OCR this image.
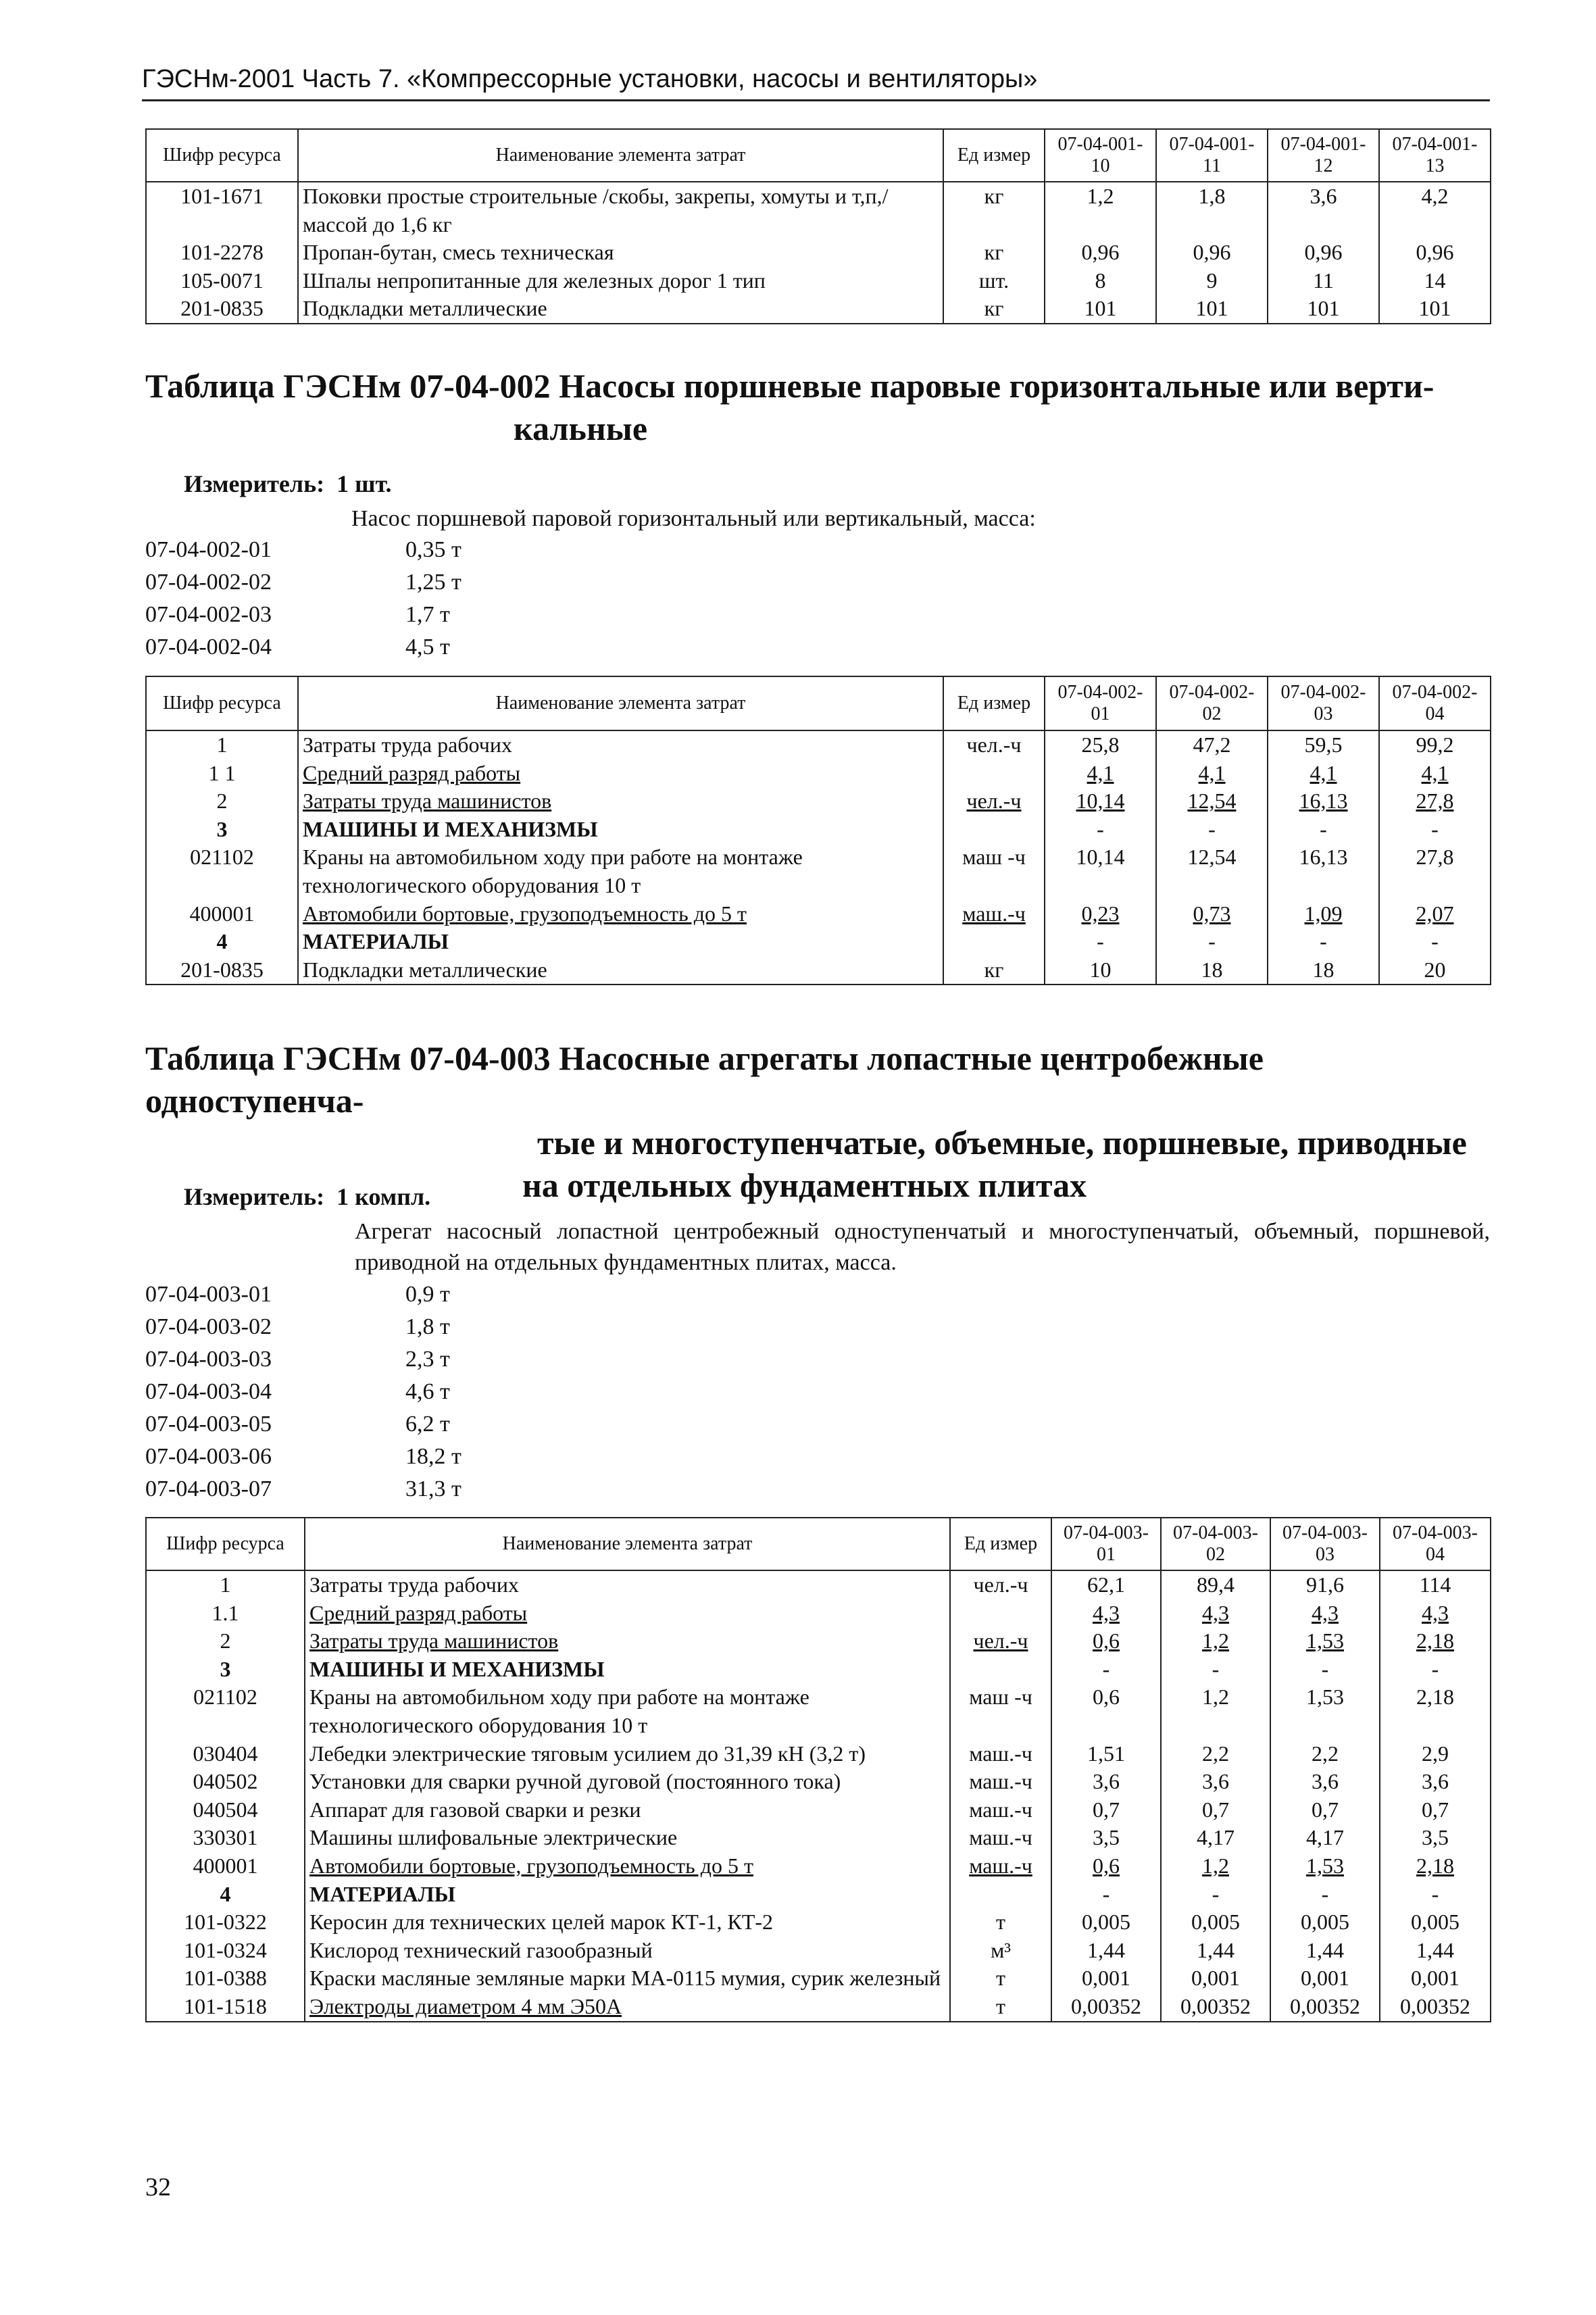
ГЭСНм-2001 Часть 7. «Компрессорные установки, насосы и вентиляторы»
Шифр ресурса	Наименование элемента затрат	Ед измер	07-04-001-10	07-04-001-11	07-04-001-12	07-04-001-13
101-1671	Поковки простые строительные /скобы, закрепы, хомуты и т,п,/ массой до 1,6 кг	кг	1,2	1,8	3,6	4,2
101-2278	Пропан-бутан, смесь техническая	кг	0,96	0,96	0,96	0,96
105-0071	Шпалы непропитанные для железных дорог 1 тип	шт.	8	9	11	14
201-0835	Подкладки металлические	кг	101	101	101	101
Таблица ГЭСНм 07-04-002 Насосы поршневые паровые горизонтальные или верти-
кальные
Измеритель: 1 шт.
Насос поршневой паровой горизонтальный или вертикальный, масса:
07-04-002-01	0,35 т
07-04-002-02	1,25 т
07-04-002-03	1,7 т
07-04-002-04	4,5 т
Шифр ресурса	Наименование элемента затрат	Ед измер	07-04-002-01	07-04-002-02	07-04-002-03	07-04-002-04
1	Затраты труда рабочих	чел.-ч	25,8	47,2	59,5	99,2
1 1	Средний разряд работы		4,1	4,1	4,1	4,1
2	Затраты труда машинистов	чел.-ч	10,14	12,54	16,13	27,8
3	МАШИНЫ И МЕХАНИЗМЫ		-	-	-	-
021102	Краны на автомобильном ходу при работе на монтаже технологического оборудования 10 т	маш -ч	10,14	12,54	16,13	27,8
400001	Автомобили бортовые, грузоподъемность до 5 т	маш.-ч	0,23	0,73	1,09	2,07
4	МАТЕРИАЛЫ		-	-	-	-
201-0835	Подкладки металлические	кг	10	18	18	20
Таблица ГЭСНм 07-04-003 Насосные агрегаты лопастные центробежные одноступенча-
тые и многоступенчатые, объемные, поршневые, приводные
на отдельных фундаментных плитах
Измеритель: 1 компл.
Агрегат насосный лопастной центробежный одноступенчатый и многоступенчатый, объемный, поршневой, приводной на отдельных фундаментных плитах, масса.
07-04-003-01	0,9 т
07-04-003-02	1,8 т
07-04-003-03	2,3 т
07-04-003-04	4,6 т
07-04-003-05	6,2 т
07-04-003-06	18,2 т
07-04-003-07	31,3 т
Шифр ресурса	Наименование элемента затрат	Ед измер	07-04-003-01	07-04-003-02	07-04-003-03	07-04-003-04
1	Затраты труда рабочих	чел.-ч	62,1	89,4	91,6	114
1.1	Средний разряд работы		4,3	4,3	4,3	4,3
2	Затраты труда машинистов	чел.-ч	0,6	1,2	1,53	2,18
3	МАШИНЫ И МЕХАНИЗМЫ		-	-	-	-
021102	Краны на автомобильном ходу при работе на монтаже технологического оборудования 10 т	маш -ч	0,6	1,2	1,53	2,18
030404	Лебедки электрические тяговым усилием до 31,39 кН (3,2 т)	маш.-ч	1,51	2,2	2,2	2,9
040502	Установки для сварки ручной дуговой (постоянного тока)	маш.-ч	3,6	3,6	3,6	3,6
040504	Аппарат для газовой сварки и резки	маш.-ч	0,7	0,7	0,7	0,7
330301	Машины шлифовальные электрические	маш.-ч	3,5	4,17	4,17	3,5
400001	Автомобили бортовые, грузоподъемность до 5 т	маш.-ч	0,6	1,2	1,53	2,18
4	МАТЕРИАЛЫ		-	-	-	-
101-0322	Керосин для технических целей марок КТ-1, КТ-2	т	0,005	0,005	0,005	0,005
101-0324	Кислород технический газообразный	м³	1,44	1,44	1,44	1,44
101-0388	Краски масляные земляные марки МА-0115 мумия, сурик железный	т	0,001	0,001	0,001	0,001
101-1518	Электроды диаметром 4 мм Э50А	т	0,00352	0,00352	0,00352	0,00352
32
